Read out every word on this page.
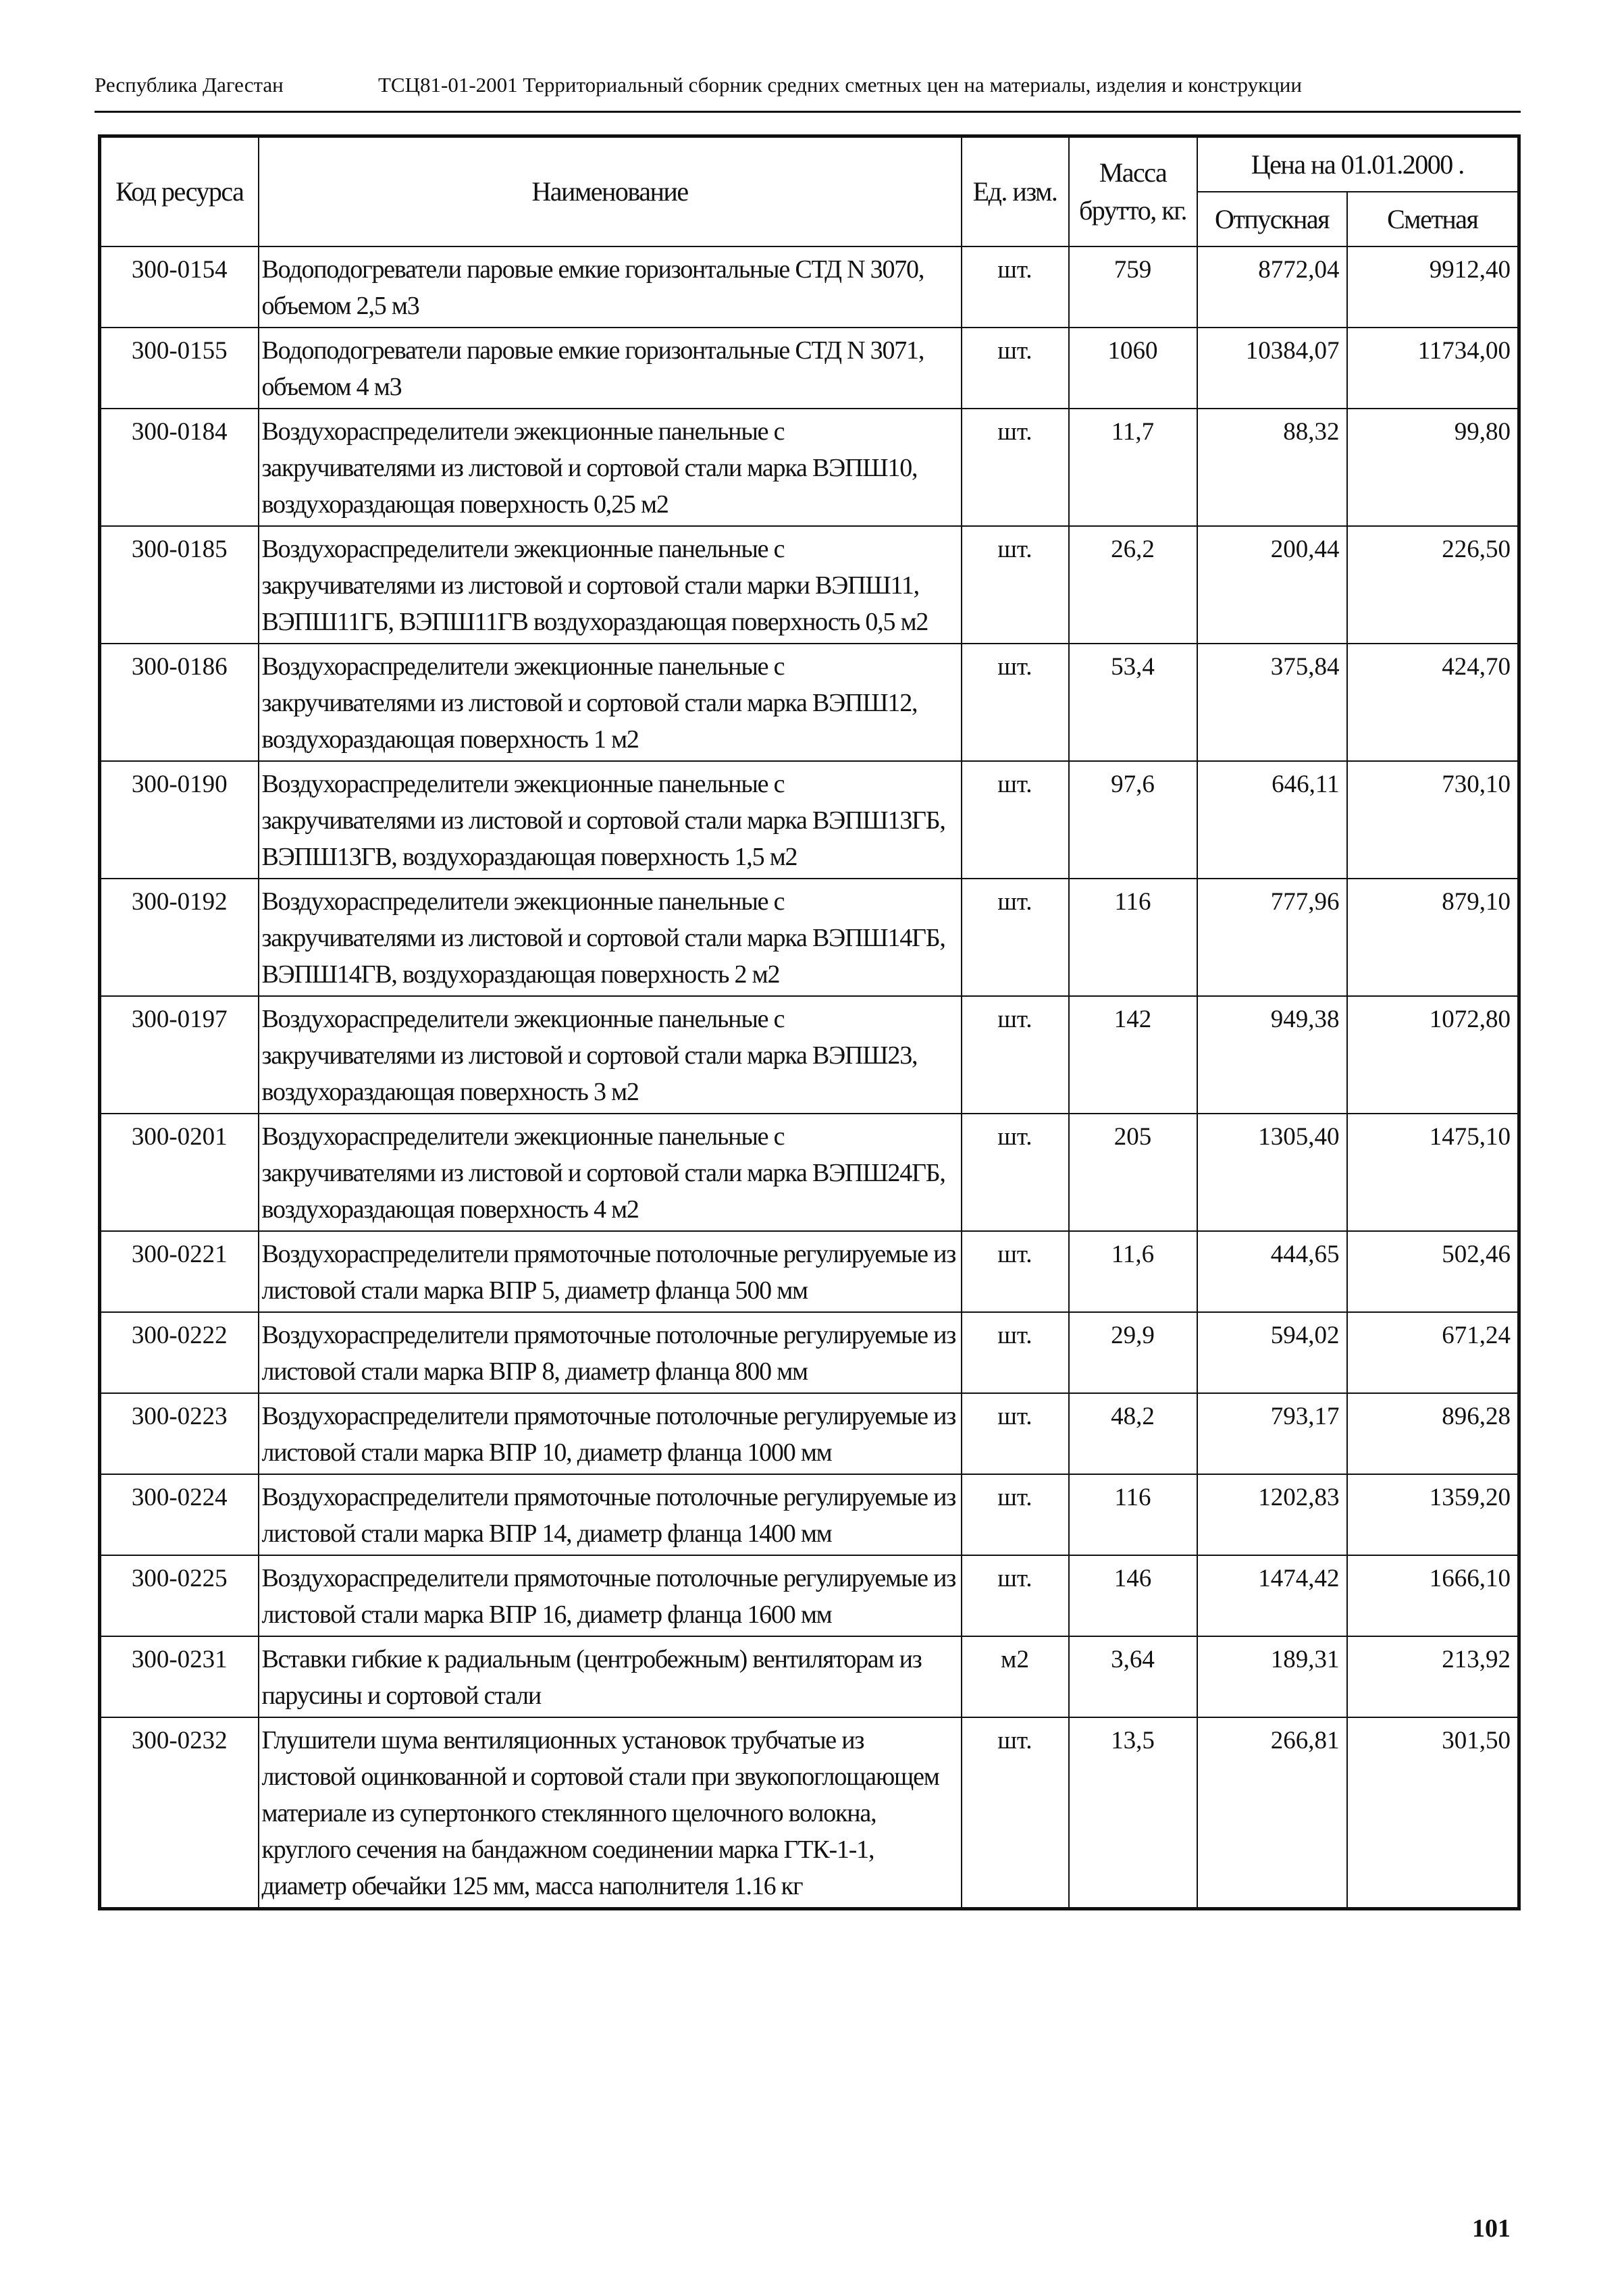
Республика Дагестан	ТСЦ81-01-2001 Территориальный сборник средних сметных цен на материалы, изделия и конструкции
Код ресурса	Наименование	Ед. изм.	Масса брутто, кг.	Цена на 01.01.2000 .	
				Отпускная	Сметная
300-0154	Водоподогреватели паровые емкие горизонтальные СТД N 3070, объемом 2,5 м3	шт.	759	8772,04	9912,40
300-0155	Водоподогреватели паровые емкие горизонтальные СТД N 3071, объемом 4 м3	шт.	1060	10384,07	11734,00
300-0184	Воздухораспределители эжекционные панельные с закручивателями из листовой и сортовой стали марка ВЭПШ10, воздухораздающая поверхность 0,25 м2	шт.	11,7	88,32	99,80
300-0185	Воздухораспределители эжекционные панельные с закручивателями из листовой и сортовой стали марки ВЭПШ11, ВЭПШ11ГБ, ВЭПШ11ГВ воздухораздающая поверхность 0,5 м2	шт.	26,2	200,44	226,50
300-0186	Воздухораспределители эжекционные панельные с закручивателями из листовой и сортовой стали марка ВЭПШ12, воздухораздающая поверхность 1 м2	шт.	53,4	375,84	424,70
300-0190	Воздухораспределители эжекционные панельные с закручивателями из листовой и сортовой стали марка ВЭПШ13ГБ, ВЭПШ13ГВ, воздухораздающая поверхность 1,5 м2	шт.	97,6	646,11	730,10
300-0192	Воздухораспределители эжекционные панельные с закручивателями из листовой и сортовой стали марка ВЭПШ14ГБ, ВЭПШ14ГВ, воздухораздающая поверхность 2 м2	шт.	116	777,96	879,10
300-0197	Воздухораспределители эжекционные панельные с закручивателями из листовой и сортовой стали марка ВЭПШ23, воздухораздающая поверхность 3 м2	шт.	142	949,38	1072,80
300-0201	Воздухораспределители эжекционные панельные с закручивателями из листовой и сортовой стали марка ВЭПШ24ГБ, воздухораздающая поверхность 4 м2	шт.	205	1305,40	1475,10
300-0221	Воздухораспределители прямоточные потолочные регулируемые из листовой стали марка ВПР 5, диаметр фланца 500 мм	шт.	11,6	444,65	502,46
300-0222	Воздухораспределители прямоточные потолочные регулируемые из листовой стали марка ВПР 8, диаметр фланца 800 мм	шт.	29,9	594,02	671,24
300-0223	Воздухораспределители прямоточные потолочные регулируемые из листовой стали марка ВПР 10, диаметр фланца 1000 мм	шт.	48,2	793,17	896,28
300-0224	Воздухораспределители прямоточные потолочные регулируемые из листовой стали марка ВПР 14, диаметр фланца 1400 мм	шт.	116	1202,83	1359,20
300-0225	Воздухораспределители прямоточные потолочные регулируемые из листовой стали марка ВПР 16, диаметр фланца 1600 мм	шт.	146	1474,42	1666,10
300-0231	Вставки гибкие к радиальным (центробежным) вентиляторам из парусины и сортовой стали	м2	3,64	189,31	213,92
300-0232	Глушители шума вентиляционных установок трубчатые из листовой оцинкованной и сортовой стали при звукопоглощающем материале из супертонкого стеклянного щелочного волокна, круглого сечения на бандажном соединении марка ГТК-1-1, диаметр обечайки 125 мм, масса наполнителя 1.16 кг	шт.	13,5	266,81	301,50
101
